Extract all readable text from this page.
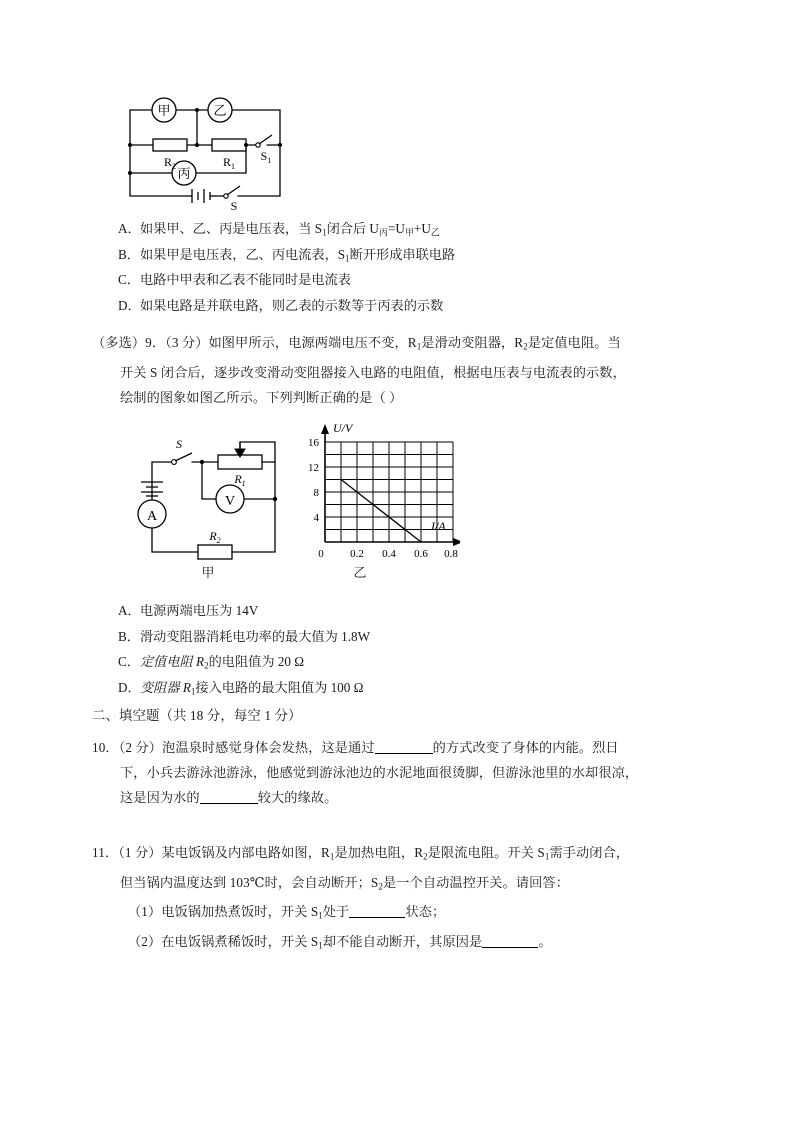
甲	乙
丙
$R_2$	$R_1$
$S_1$
S
A．如果甲、乙、丙是电压表，当 $S_1$闭合后 $U_丙=U_甲+U_乙$
B．如果甲是电压表，乙、丙电流表，$S_1$断开形成串联电路
C．电路中甲表和乙表不能同时是电流表
D．如果电路是并联电路，则乙表的示数等于丙表的示数
（多选）9．（3 分）如图甲所示，电源两端电压不变，$R_1$是滑动变阻器，$R_2$是定值电阻。当
开关 S 闭合后，逐步改变滑动变阻器接入电路的电阻值，根据电压表与电流表的示数，
绘制的图象如图乙所示。下列判断正确的是（ ）
A
S
$R_1$
V
$R_2$
U/V
I/A
16
12
8
4
0 0.2 0.4 0.6 0.8
甲	乙
A．电源两端电压为 14V
B．滑动变阻器消耗电功率的最大值为 1.8W
C．定值电阻 $R_2$的电阻值为 20 Ω
D．变阻器 $R_1$接入电路的最大阻值为 100 Ω
二、填空题（共 18 分，每空 1 分）
10．（2 分）泡温泉时感觉身体会发热，这是通过	的方式改变了身体的内能。烈日
下，小兵去游泳池游泳，他感觉到游泳池边的水泥地面很烫脚，但游泳池里的水却很凉，
这是因为水的	较大的缘故。
11．（1 分）某电饭锅及内部电路如图，$R_1$是加热电阻，$R_2$是限流电阻。开关 $S_1$需手动闭合，
但当锅内温度达到 103℃时，会自动断开；$S_2$是一个自动温控开关。请回答：
（1）电饭锅加热煮饭时，开关 $S_1$处于	状态；
（2）在电饭锅煮稀饭时，开关 $S_1$却不能自动断开，其原因是	。
